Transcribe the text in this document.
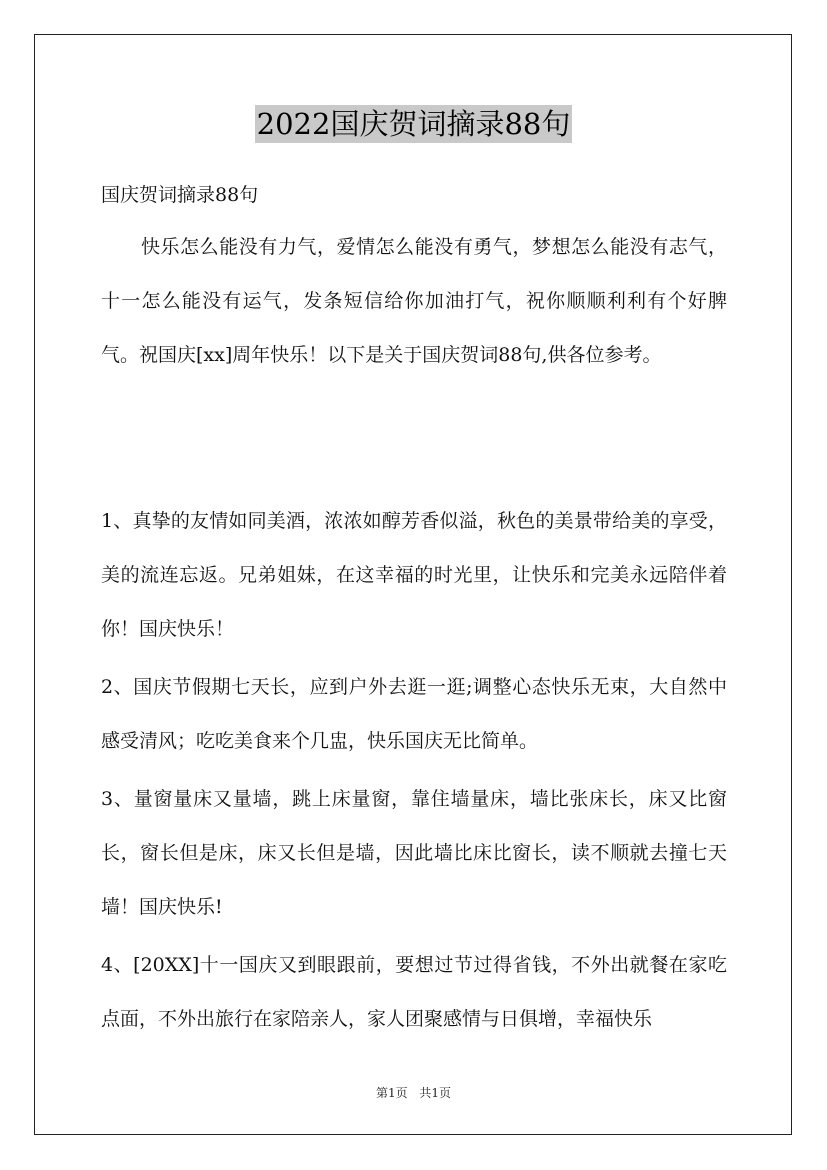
2022国庆贺词摘录88句
国庆贺词摘录88句
快乐怎么能没有力气，爱情怎么能没有勇气，梦想怎么能没有志气，十一怎么能没有运气，发条短信给你加油打气，祝你顺顺利利有个好脾气。祝国庆[xx]周年快乐！以下是关于国庆贺词88句,供各位参考。

1、真挚的友情如同美酒，浓浓如醇芳香似溢，秋色的美景带给美的享受，美的流连忘返。兄弟姐妹，在这幸福的时光里，让快乐和完美永远陪伴着你！国庆快乐！

2、国庆节假期七天长，应到户外去逛一逛;调整心态快乐无束，大自然中感受清风；吃吃美食来个几盅，快乐国庆无比简单。

3、量窗量床又量墙，跳上床量窗，靠住墙量床，墙比张床长，床又比窗长，窗长但是床，床又长但是墙，因此墙比床比窗长，读不顺就去撞七天墙！国庆快乐!

4、[20XX]十一国庆又到眼跟前，要想过节过得省钱，不外出就餐在家吃点面，不外出旅行在家陪亲人，家人团聚感情与日俱增，幸福快乐

第1页 共1页
